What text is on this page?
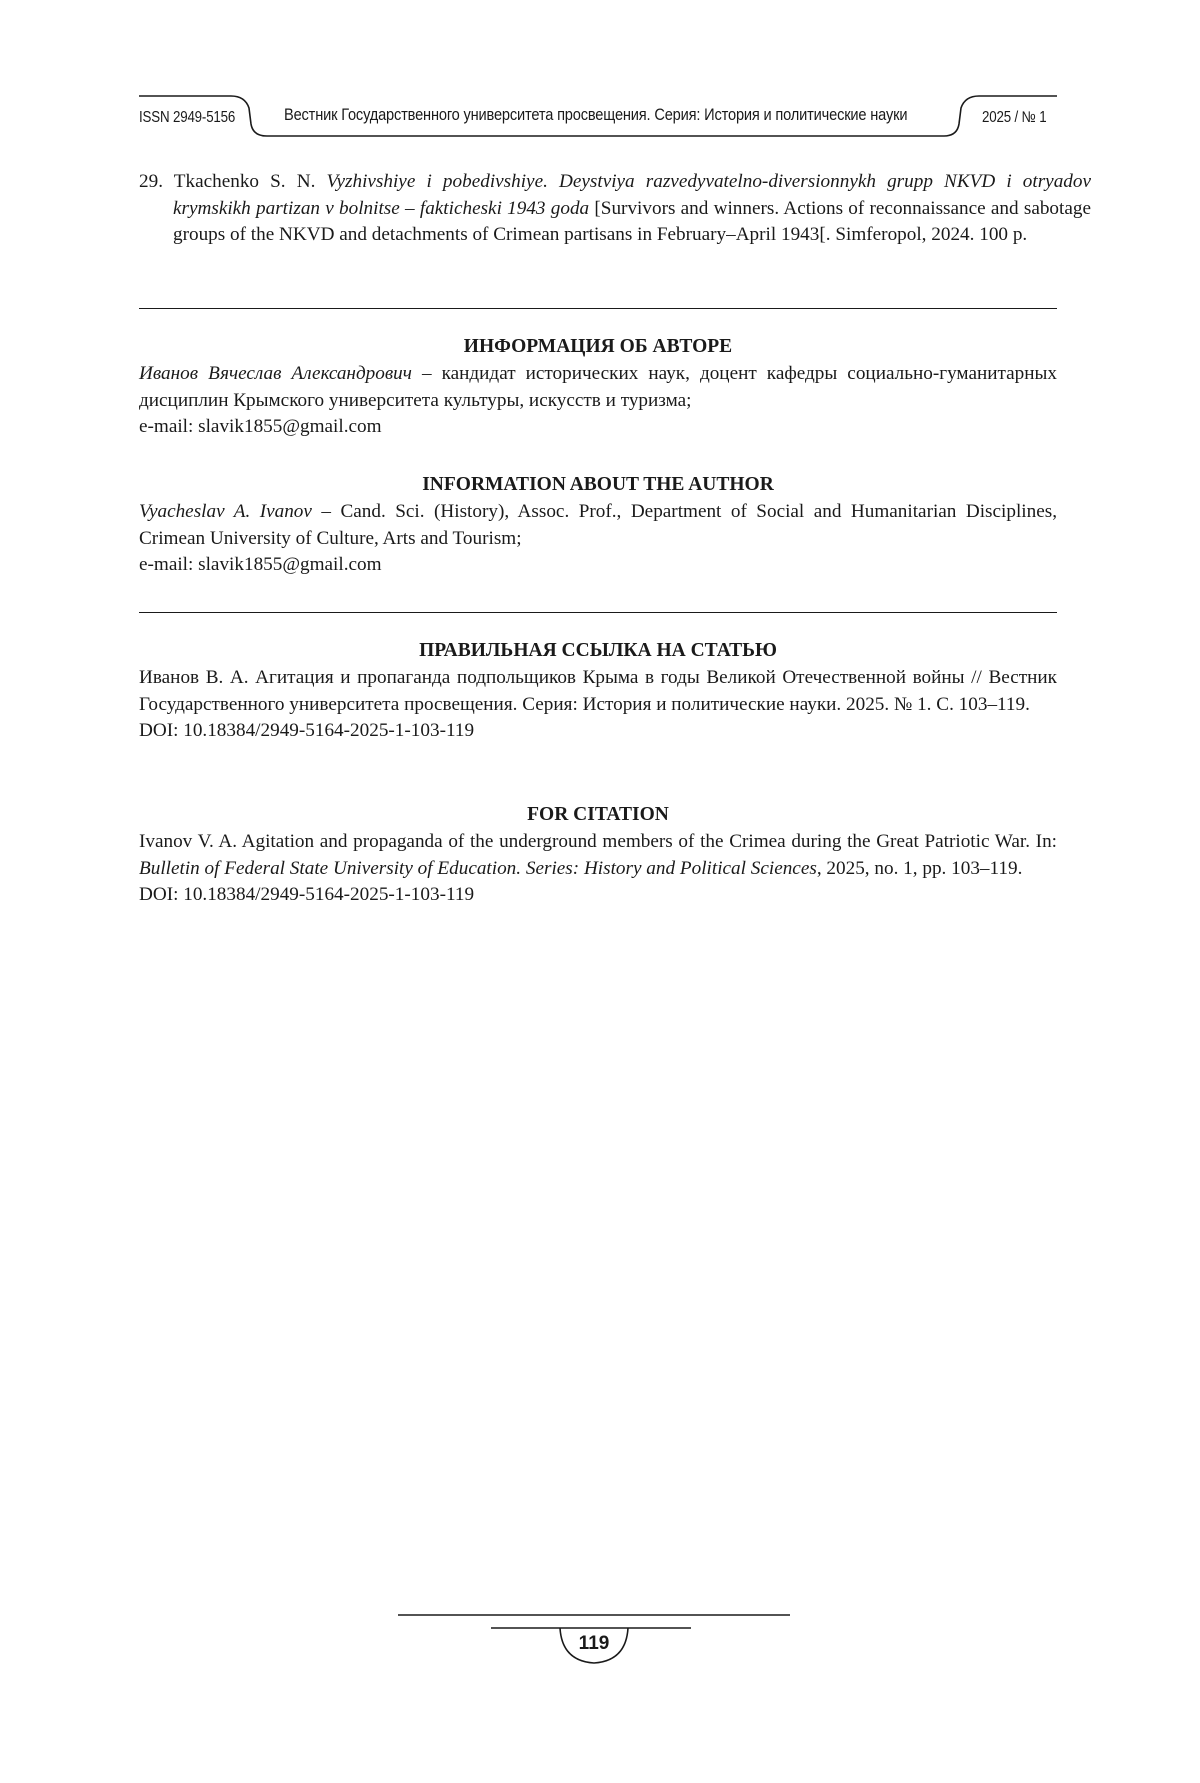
ISSN 2949-5156	Вестник Государственного университета просвещения. Серия: История и политические науки	2025 / № 1
29. Tkachenko S. N. Vyzhivshiye i pobedivshiye. Deystviya razvedyvatelno-diversionnykh grupp NKVD i otryadov krymskikh partizan v bolnitse – fakticheski 1943 goda [Survivors and winners. Actions of reconnaissance and sabotage groups of the NKVD and detachments of Crimean partisans in February–April 1943[. Simferopol, 2024. 100 p.
ИНФОРМАЦИЯ ОБ АВТОРЕ
Иванов Вячеслав Александрович – кандидат исторических наук, доцент кафедры социально-гуманитарных дисциплин Крымского университета культуры, искусств и туризма;
e-mail: slavik1855@gmail.com
INFORMATION ABOUT THE AUTHOR
Vyacheslav A. Ivanov – Cand. Sci. (History), Assoc. Prof., Department of Social and Humanitarian Disciplines, Crimean University of Culture, Arts and Tourism;
e-mail: slavik1855@gmail.com
ПРАВИЛЬНАЯ ССЫЛКА НА СТАТЬЮ
Иванов В. А. Агитация и пропаганда подпольщиков Крыма в годы Великой Отечественной войны // Вестник Государственного университета просвещения. Серия: История и политические науки. 2025. № 1. С. 103–119.
DOI: 10.18384/2949-5164-2025-1-103-119
FOR CITATION
Ivanov V. A. Agitation and propaganda of the underground members of the Crimea during the Great Patriotic War. In: Bulletin of Federal State University of Education. Series: History and Political Sciences, 2025, no. 1, pp. 103–119.
DOI: 10.18384/2949-5164-2025-1-103-119
119
